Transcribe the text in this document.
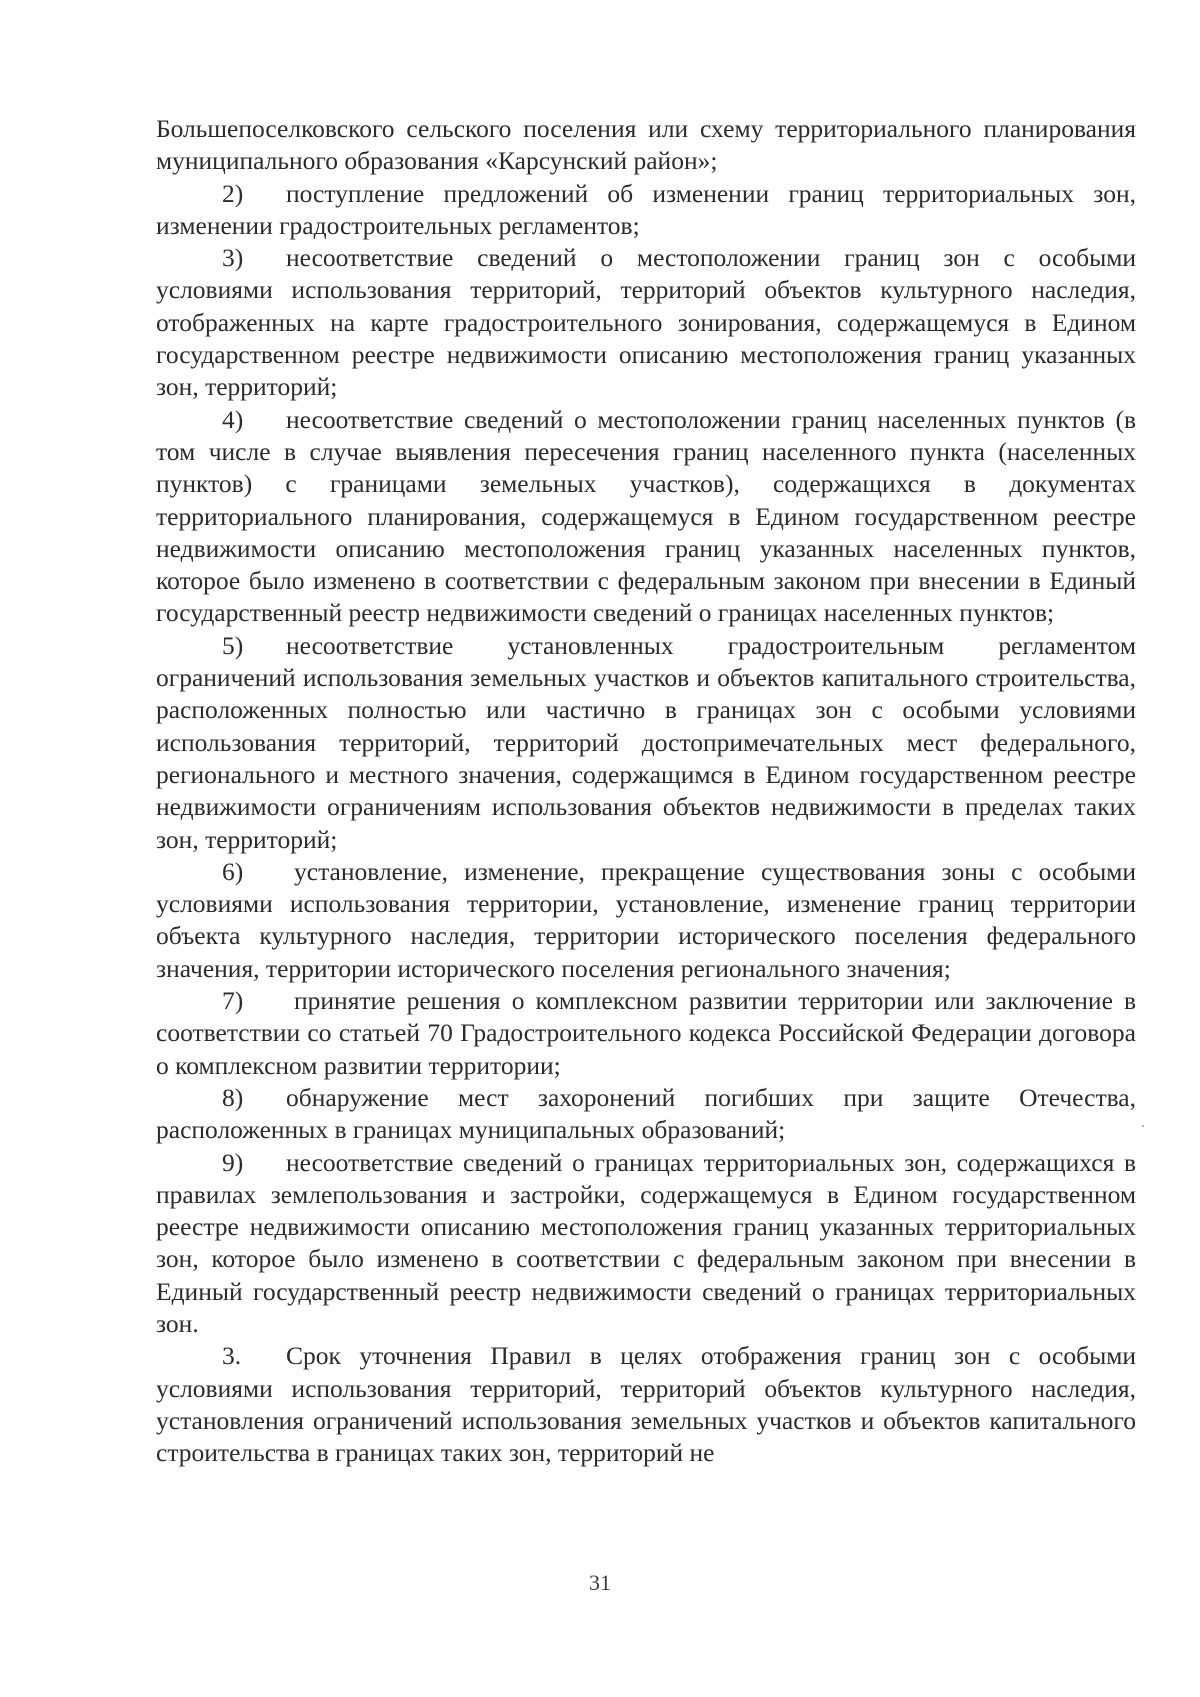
Большепоселковского сельского поселения или схему территориального планирования муниципального образования «Карсунский район»;

2) поступление предложений об изменении границ территориальных зон, изменении градостроительных регламентов;

3) несоответствие сведений о местоположении границ зон с особыми условиями использования территорий, территорий объектов культурного наследия, отображенных на карте градостроительного зонирования, содержащемуся в Едином государственном реестре недвижимости описанию местоположения границ указанных зон, территорий;

4) несоответствие сведений о местоположении границ населенных пунктов (в том числе в случае выявления пересечения границ населенного пункта (населенных пунктов) с границами земельных участков), содержащихся в документах территориального планирования, содержащемуся в Едином государственном реестре недвижимости описанию местоположения границ указанных населенных пунктов, которое было изменено в соответствии с федеральным законом при внесении в Единый государственный реестр недвижимости сведений о границах населенных пунктов;

5) несоответствие установленных градостроительным регламентом ограничений использования земельных участков и объектов капитального строительства, расположенных полностью или частично в границах зон с особыми условиями использования территорий, территорий достопримечательных мест федерального, регионального и местного значения, содержащимся в Едином государственном реестре недвижимости ограничениям использования объектов недвижимости в пределах таких зон, территорий;

6) установление, изменение, прекращение существования зоны с особыми условиями использования территории, установление, изменение границ территории объекта культурного наследия, территории исторического поселения федерального значения, территории исторического поселения регионального значения;

7) принятие решения о комплексном развитии территории или заключение в соответствии со статьей 70 Градостроительного кодекса Российской Федерации договора о комплексном развитии территории;

8) обнаружение мест захоронений погибших при защите Отечества, расположенных в границах муниципальных образований;

9) несоответствие сведений о границах территориальных зон, содержащихся в правилах землепользования и застройки, содержащемуся в Едином государственном реестре недвижимости описанию местоположения границ указанных территориальных зон, которое было изменено в соответствии с федеральным законом при внесении в Единый государственный реестр недвижимости сведений о границах территориальных зон.

3. Срок уточнения Правил в целях отображения границ зон с особыми условиями использования территорий, территорий объектов культурного наследия, установления ограничений использования земельных участков и объектов капитального строительства в границах таких зон, территорий не

31
